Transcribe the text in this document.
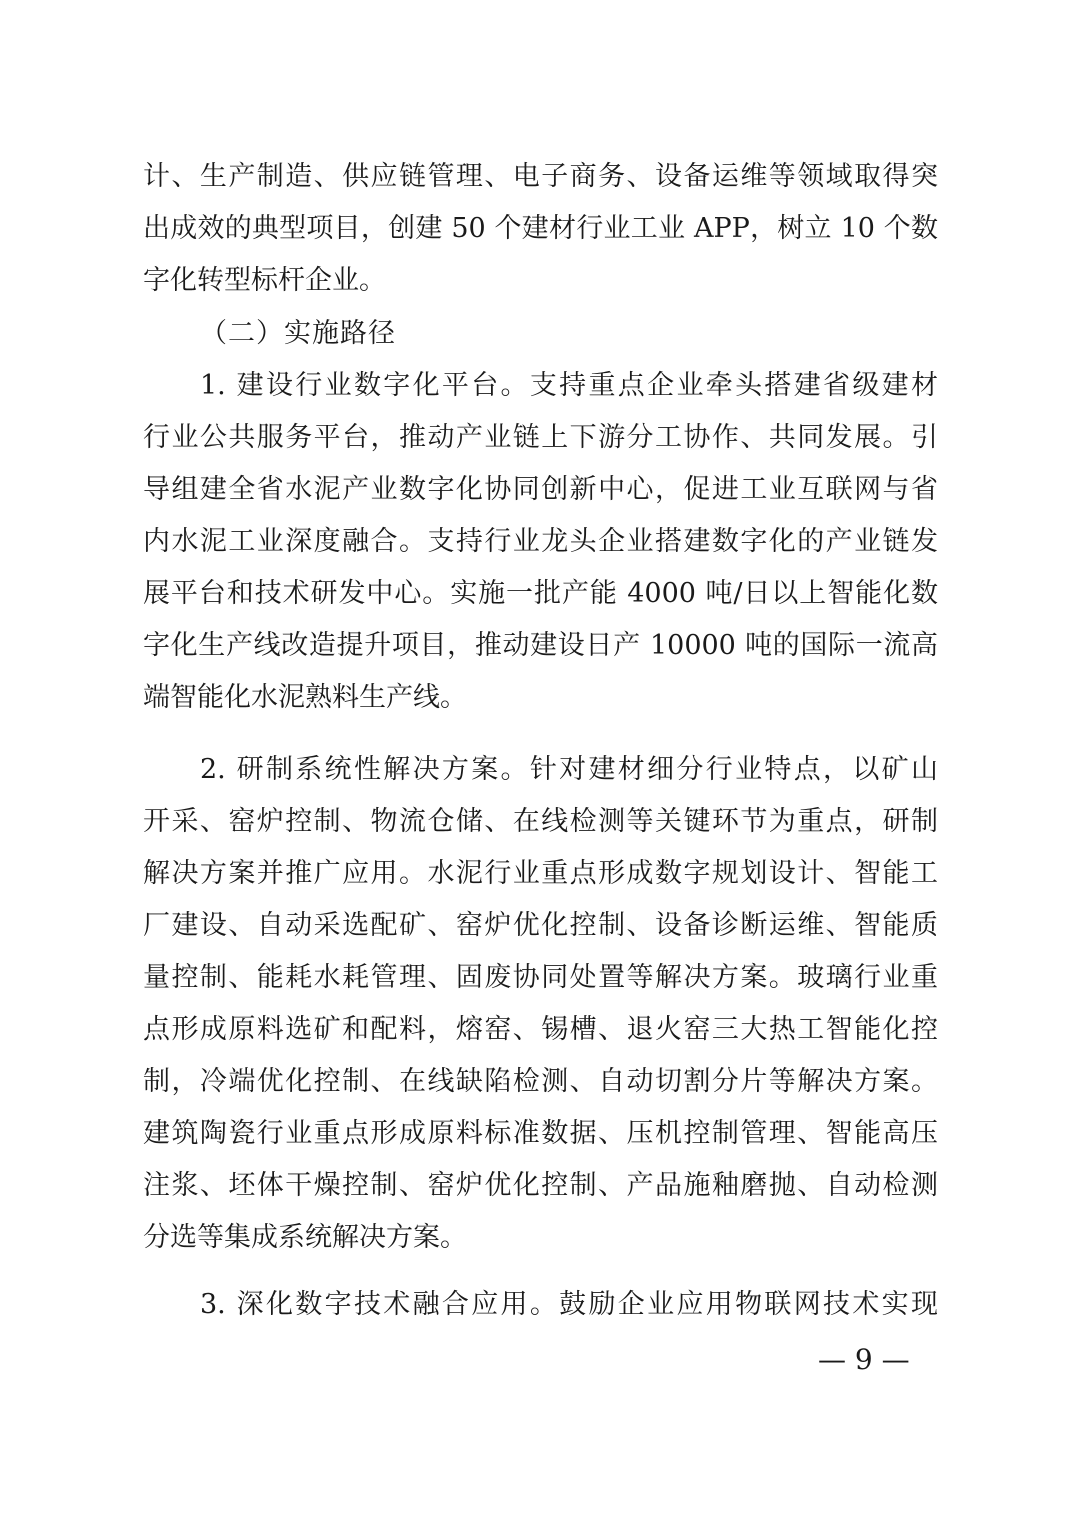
计、生产制造、供应链管理、电子商务、设备运维等领域取得突
出成效的典型项目，创建 50 个建材行业工业 APP，树立 10 个数
字化转型标杆企业。
（二）实施路径
1. 建设行业数字化平台。支持重点企业牵头搭建省级建材
行业公共服务平台，推动产业链上下游分工协作、共同发展。引
导组建全省水泥产业数字化协同创新中心，促进工业互联网与省
内水泥工业深度融合。支持行业龙头企业搭建数字化的产业链发
展平台和技术研发中心。实施一批产能 4000 吨/日以上智能化数
字化生产线改造提升项目，推动建设日产 10000 吨的国际一流高
端智能化水泥熟料生产线。
2. 研制系统性解决方案。针对建材细分行业特点，以矿山
开采、窑炉控制、物流仓储、在线检测等关键环节为重点，研制
解决方案并推广应用。水泥行业重点形成数字规划设计、智能工
厂建设、自动采选配矿、窑炉优化控制、设备诊断运维、智能质
量控制、能耗水耗管理、固废协同处置等解决方案。玻璃行业重
点形成原料选矿和配料，熔窑、锡槽、退火窑三大热工智能化控
制，冷端优化控制、在线缺陷检测、自动切割分片等解决方案。
建筑陶瓷行业重点形成原料标准数据、压机控制管理、智能高压
注浆、坯体干燥控制、窑炉优化控制、产品施釉磨抛、自动检测
分选等集成系统解决方案。
3. 深化数字技术融合应用。鼓励企业应用物联网技术实现
— 9 —
